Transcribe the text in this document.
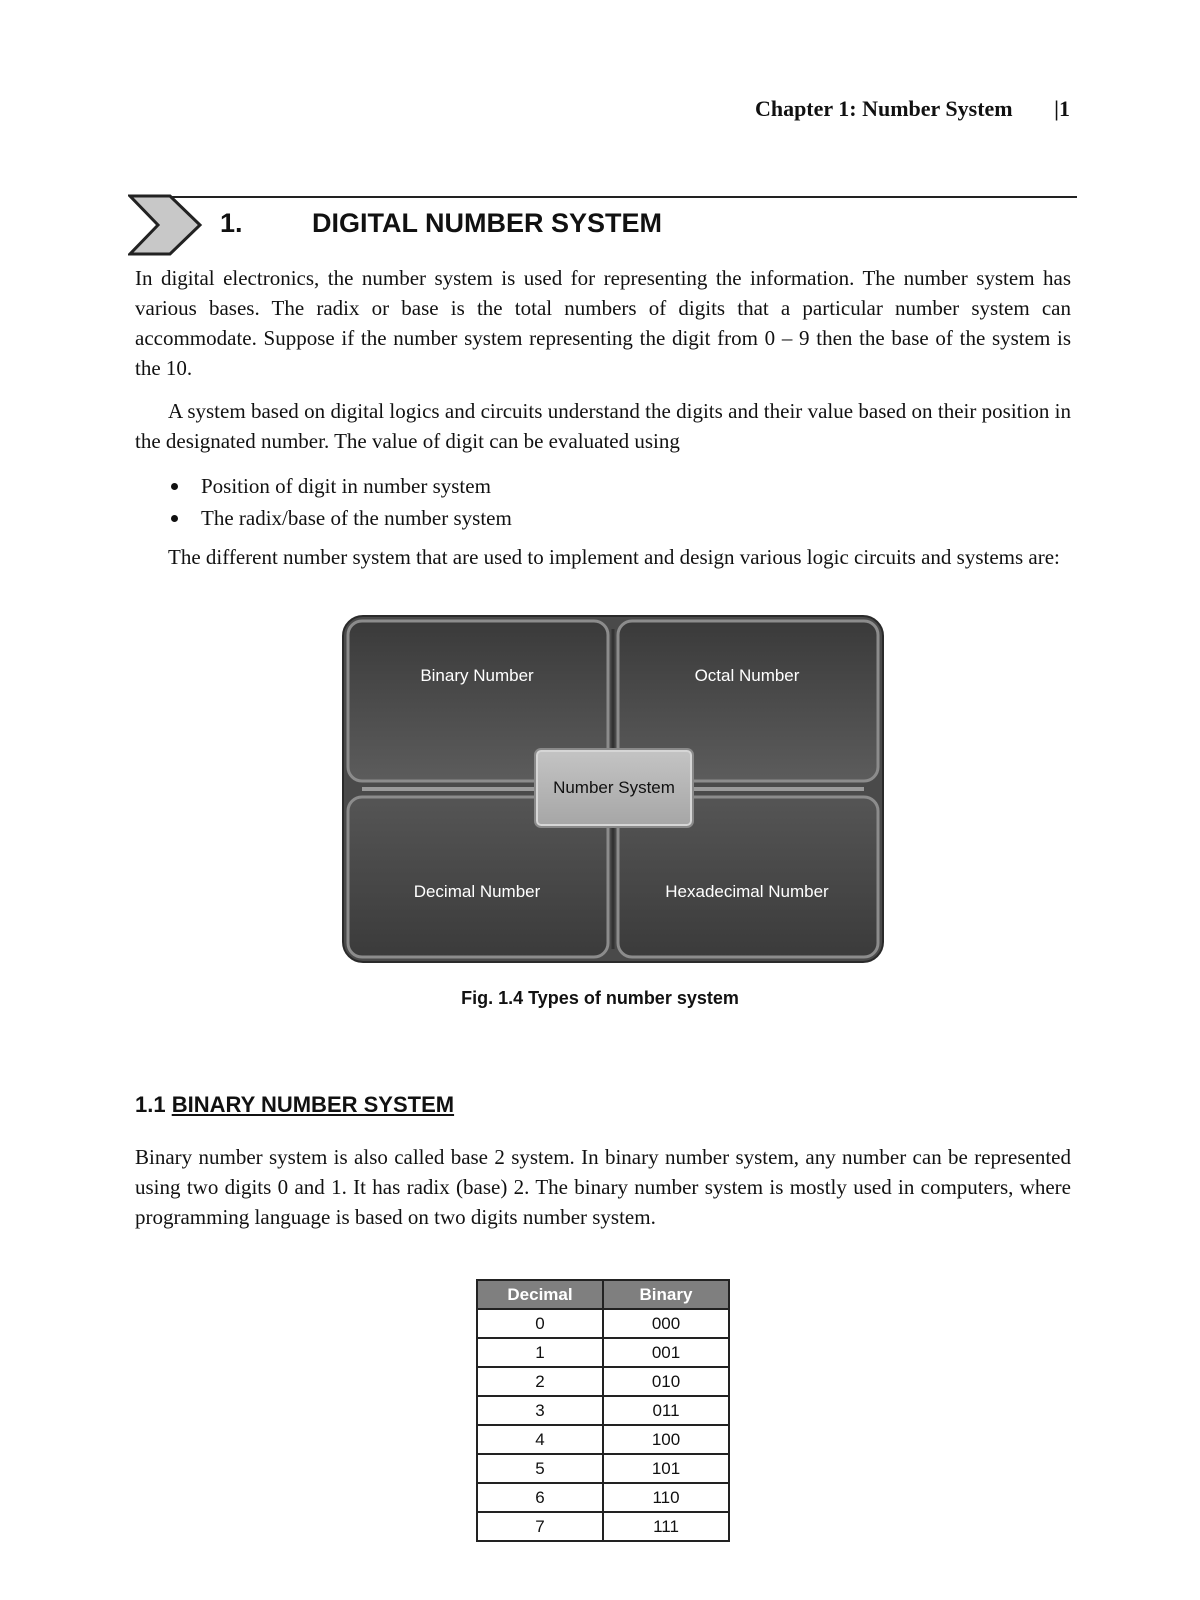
Chapter 1: Number System |1
1.	DIGITAL NUMBER SYSTEM

In digital electronics, the number system is used for representing the information. The number system has various bases. The radix or base is the total numbers of digits that a particular number system can accommodate. Suppose if the number system representing the digit from 0 – 9 then the base of the system is the 10.

A system based on digital logics and circuits understand the digits and their value based on their position in the designated number. The value of digit can be evaluated using

Position of digit in number system
The radix/base of the number system

The different number system that are used to implement and design various logic circuits and systems are:

Binary Number	Octal Number
Decimal Number	Hexadecimal Number
Number System
Fig. 1.4 Types of number system
1.1 BINARY NUMBER SYSTEM

Binary number system is also called base 2 system. In binary number system, any number can be represented using two digits 0 and 1. It has radix (base) 2. The binary number system is mostly used in computers, where programming language is based on two digits number system.

Decimal	Binary
0	000
1	001
2	010
3	011
4	100
5	101
6	110
7	111
